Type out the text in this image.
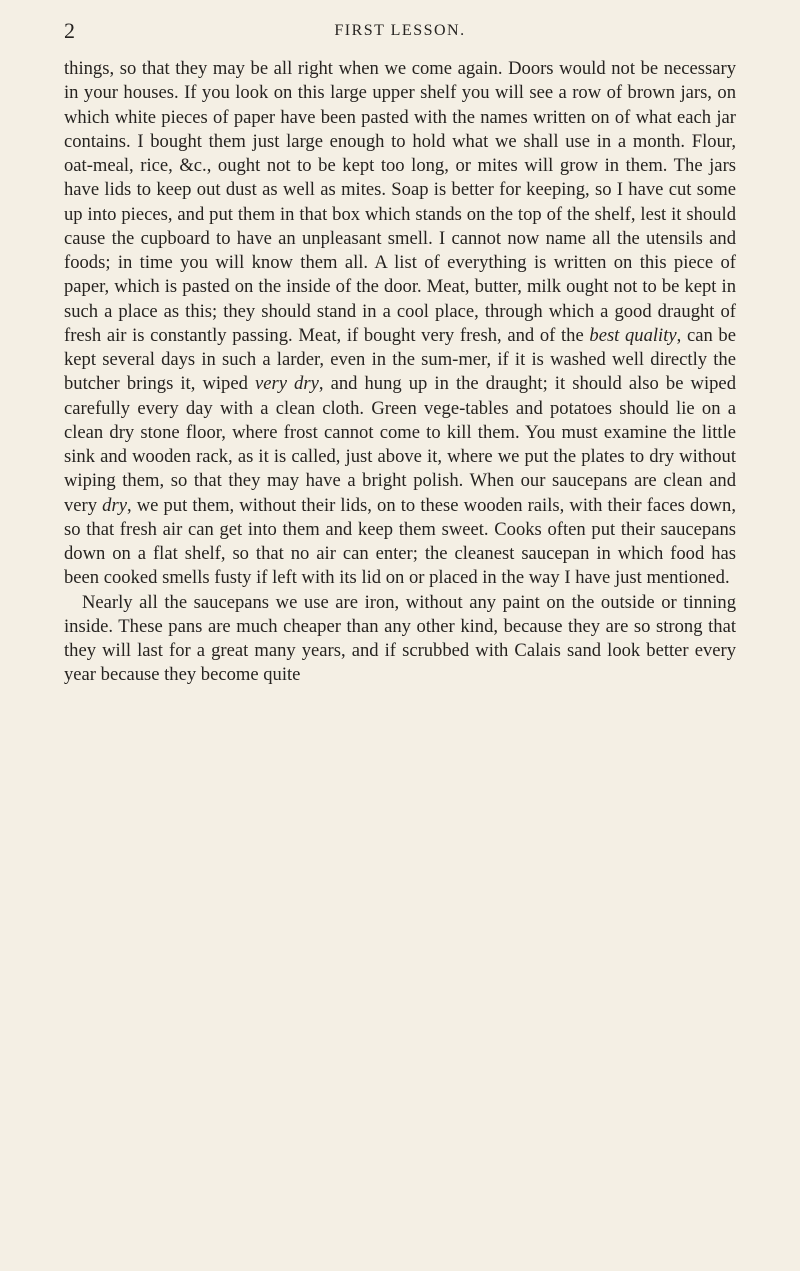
2	FIRST LESSON.

things, so that they may be all right when we come again. Doors would not be necessary in your houses. If you look on this large upper shelf you will see a row of brown jars, on which white pieces of paper have been pasted with the names written on of what each jar contains. I bought them just large enough to hold what we shall use in a month. Flour, oat-meal, rice, &c., ought not to be kept too long, or mites will grow in them. The jars have lids to keep out dust as well as mites. Soap is better for keeping, so I have cut some up into pieces, and put them in that box which stands on the top of the shelf, lest it should cause the cupboard to have an unpleasant smell. I cannot now name all the utensils and foods; in time you will know them all. A list of everything is written on this piece of paper, which is pasted on the inside of the door. Meat, butter, milk ought not to be kept in such a place as this; they should stand in a cool place, through which a good draught of fresh air is constantly passing. Meat, if bought very fresh, and of the best quality, can be kept several days in such a larder, even in the sum-mer, if it is washed well directly the butcher brings it, wiped very dry, and hung up in the draught; it should also be wiped carefully every day with a clean cloth. Green vege-tables and potatoes should lie on a clean dry stone floor, where frost cannot come to kill them. You must examine the little sink and wooden rack, as it is called, just above it, where we put the plates to dry without wiping them, so that they may have a bright polish. When our saucepans are clean and very dry, we put them, without their lids, on to these wooden rails, with their faces down, so that fresh air can get into them and keep them sweet. Cooks often put their saucepans down on a flat shelf, so that no air can enter; the cleanest saucepan in which food has been cooked smells fusty if left with its lid on or placed in the way I have just mentioned.

Nearly all the saucepans we use are iron, without any paint on the outside or tinning inside. These pans are much cheaper than any other kind, because they are so strong that they will last for a great many years, and if scrubbed with Calais sand look better every year because they become quite
